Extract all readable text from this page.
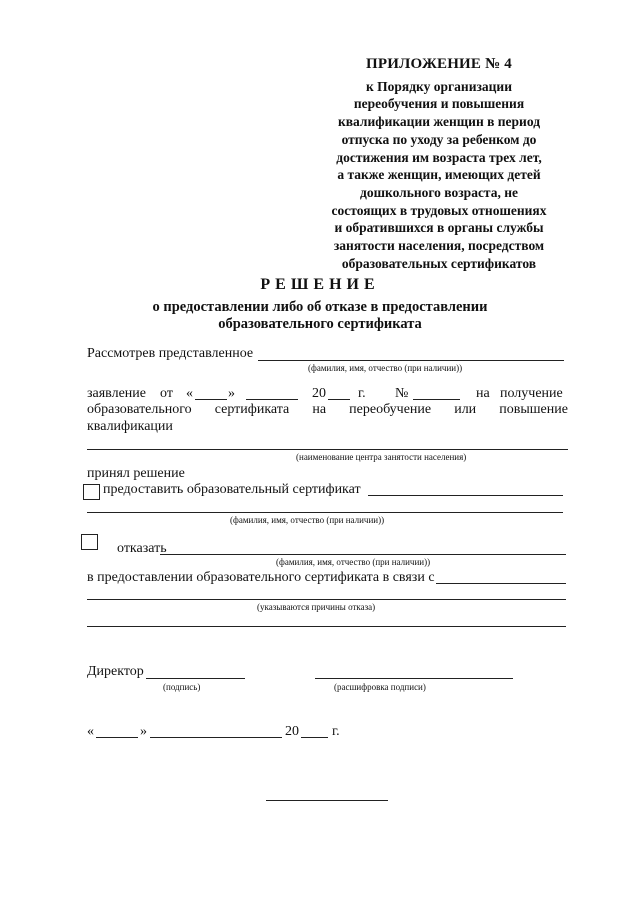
ПРИЛОЖЕНИЕ № 4
к Порядку организации
переобучения и повышения
квалификации женщин в период
отпуска по уходу за ребенком до
достижения им возраста трех лет,
а также женщин, имеющих детей
дошкольного возраста, не
состоящих в трудовых отношениях
и обратившихся в органы службы
занятости населения, посредством
образовательных сертификатов
РЕШЕНИЕ
о предоставлении либо об отказе в предоставлении
образовательного сертификата
Рассмотрев представленное
(фамилия, имя, отчество (при наличии))
заявление от «	»	20 г. №	на получение
образовательного сертификата на переобучение или повышение
квалификации
(наименование центра занятости населения)
принял решение
предоставить образовательный сертификат
(фамилия, имя, отчество (при наличии))
отказать
(фамилия, имя, отчество (при наличии))
в предоставлении образовательного сертификата в связи с
(указываются причины отказа)
Директор
(подпись)	(расшифровка подписи)
«	»	20 г.
